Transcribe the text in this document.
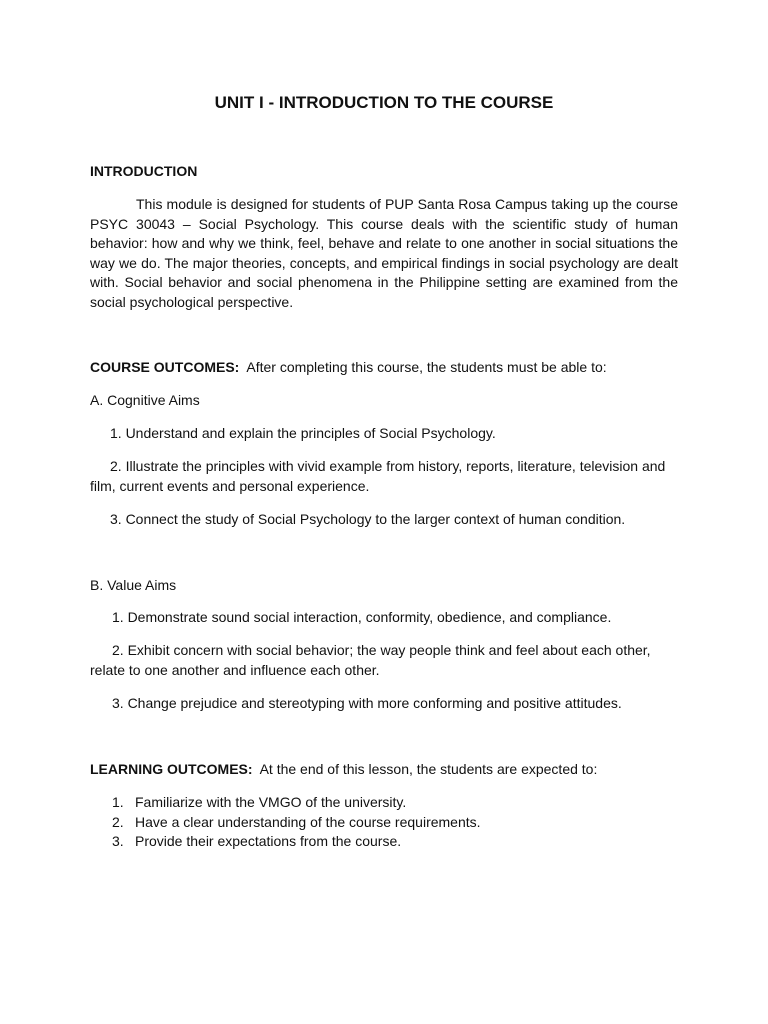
UNIT I - INTRODUCTION TO THE COURSE
INTRODUCTION
This module is designed for students of PUP Santa Rosa Campus taking up the course PSYC 30043 – Social Psychology. This course deals with the scientific study of human behavior: how and why we think, feel, behave and relate to one another in social situations the way we do. The major theories, concepts, and empirical findings in social psychology are dealt with. Social behavior and social phenomena in the Philippine setting are examined from the social psychological perspective.
COURSE OUTCOMES: After completing this course, the students must be able to:
A. Cognitive Aims
1. Understand and explain the principles of Social Psychology.
2. Illustrate the principles with vivid example from history, reports, literature, television and film, current events and personal experience.
3. Connect the study of Social Psychology to the larger context of human condition.
B. Value Aims
1. Demonstrate sound social interaction, conformity, obedience, and compliance.
2. Exhibit concern with social behavior; the way people think and feel about each other, relate to one another and influence each other.
3. Change prejudice and stereotyping with more conforming and positive attitudes.
LEARNING OUTCOMES: At the end of this lesson, the students are expected to:
1. Familiarize with the VMGO of the university.
2. Have a clear understanding of the course requirements.
3. Provide their expectations from the course.
